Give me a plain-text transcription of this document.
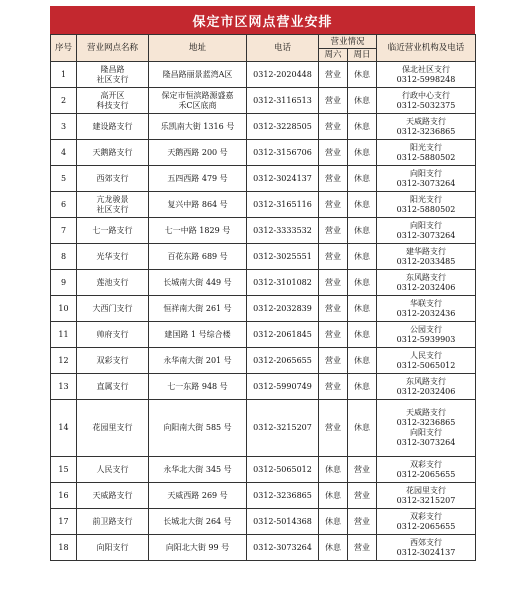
保定市区网点营业安排
序号	营业网点名称	地址	电话	营业情况		临近营业机构及电话
				周六	周日	
1	隆昌路
社区支行	隆昌路丽景蓝湾A区	0312-2020448	营业	休息	保北社区支行
0312-5998248

2	高开区
科技支行	保定市恒滨路源盛嘉
禾C区底商	0312-3116513	营业	休息	行政中心支行
0312-5032375

3	建设路支行	乐凯南大街 1316 号	0312-3228505	营业	休息	天威路支行
0312-3236865

4	天鹅路支行	天鹅西路 200 号	0312-3156706	营业	休息	阳光支行
0312-5880502

5	西郊支行	五四西路 479 号	0312-3024137	营业	休息	向阳支行
0312-3073264

6	亢龙骏景
社区支行	复兴中路 864 号	0312-3165116	营业	休息	阳光支行
0312-5880502

7	七一路支行	七一中路 1829 号	0312-3333532	营业	休息	向阳支行
0312-3073264

8	光华支行	百花东路 689 号	0312-3025551	营业	休息	建华路支行
0312-2033485

9	莲池支行	长城南大街 449 号	0312-3101082	营业	休息	东风路支行
0312-2032406

10	大西门支行	恒祥南大街 261 号	0312-2032839	营业	休息	华联支行
0312-2032436

11	帅府支行	建国路 1 号综合楼	0312-2061845	营业	休息	公园支行
0312-5939903

12	双彩支行	永华南大街 201 号	0312-2065655	营业	休息	人民支行
0312-5065012

13	直属支行	七一东路 948 号	0312-5990749	营业	休息	东风路支行
0312-2032406

14	花园里支行	向阳南大街 585 号	0312-3215207	营业	休息	天威路支行
0312-3236865
向阳支行
0312-3073264

15	人民支行	永华北大街 345 号	0312-5065012	休息	营业	双彩支行
0312-2065655

16	天威路支行	天威西路 269 号	0312-3236865	休息	营业	花园里支行
0312-3215207

17	前卫路支行	长城北大街 264 号	0312-5014368	休息	营业	双彩支行
0312-2065655

18	向阳支行	向阳北大街 99 号	0312-3073264	休息	营业	西郊支行
0312-3024137
